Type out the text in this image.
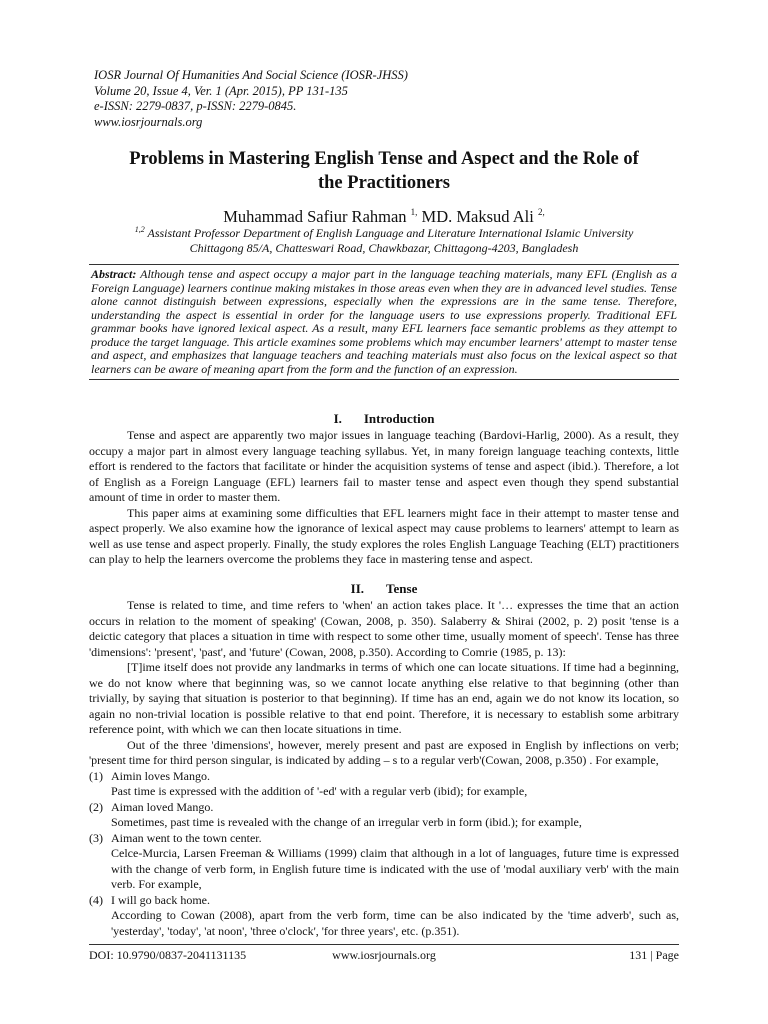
IOSR Journal Of Humanities And Social Science (IOSR-JHSS)
Volume 20, Issue 4, Ver. 1 (Apr. 2015), PP 131-135
e-ISSN: 2279-0837, p-ISSN: 2279-0845.
www.iosrjournals.org
Problems in Mastering English Tense and Aspect and the Role of
the Practitioners
Muhammad Safiur Rahman $^{1,}$ MD. Maksud Ali $^{2,}$
$^{1,2}$ Assistant Professor Department of English Language and Literature International Islamic University
Chittagong 85/A, Chatteswari Road, Chawkbazar, Chittagong-4203, Bangladesh
Abstract: Although tense and aspect occupy a major part in the language teaching materials, many EFL (English as a Foreign Language) learners continue making mistakes in those areas even when they are in advanced level studies. Tense alone cannot distinguish between expressions, especially when the expressions are in the same tense. Therefore, understanding the aspect is essential in order for the language users to use expressions properly. Traditional EFL grammar books have ignored lexical aspect. As a result, many EFL learners face semantic problems as they attempt to produce the target language. This article examines some problems which may encumber learners' attempt to master tense and aspect, and emphasizes that language teachers and teaching materials must also focus on the lexical aspect so that learners can be aware of meaning apart from the form and the function of an expression.
I. Introduction

Tense and aspect are apparently two major issues in language teaching (Bardovi-Harlig, 2000). As a result, they occupy a major part in almost every language teaching syllabus. Yet, in many foreign language teaching contexts, little effort is rendered to the factors that facilitate or hinder the acquisition systems of tense and aspect (ibid.). Therefore, a lot of English as a Foreign Language (EFL) learners fail to master tense and aspect even though they spend substantial amount of time in order to master them.

This paper aims at examining some difficulties that EFL learners might face in their attempt to master tense and aspect properly. We also examine how the ignorance of lexical aspect may cause problems to learners' attempt to learn as well as use tense and aspect properly. Finally, the study explores the roles English Language Teaching (ELT) practitioners can play to help the learners overcome the problems they face in mastering tense and aspect.

II. Tense

Tense is related to time, and time refers to 'when' an action takes place. It '… expresses the time that an action occurs in relation to the moment of speaking' (Cowan, 2008, p. 350). Salaberry & Shirai (2002, p. 2) posit 'tense is a deictic category that places a situation in time with respect to some other time, usually moment of speech'. Tense has three 'dimensions': 'present', 'past', and 'future' (Cowan, 2008, p.350). According to Comrie (1985, p. 13):

[T]ime itself does not provide any landmarks in terms of which one can locate situations. If time had a beginning, we do not know where that beginning was, so we cannot locate anything else relative to that beginning (other than trivially, by saying that situation is posterior to that beginning). If time has an end, again we do not know its location, so again no non-trivial location is possible relative to that end point. Therefore, it is necessary to establish some arbitrary reference point, with which we can then locate situations in time.

Out of the three 'dimensions', however, merely present and past are exposed in English by inflections on verb; 'present time for third person singular, is indicated by adding – s to a regular verb'(Cowan, 2008, p.350) . For example,

(1) Aimin loves Mango.
Past time is expressed with the addition of '-ed' with a regular verb (ibid); for example,
(2) Aiman loved Mango.
Sometimes, past time is revealed with the change of an irregular verb in form (ibid.); for example,
(3) Aiman went to the town center.
Celce-Murcia, Larsen Freeman & Williams (1999) claim that although in a lot of languages, future time is expressed with the change of verb form, in English future time is indicated with the use of 'modal auxiliary verb' with the main verb. For example,
(4) I will go back home.
According to Cowan (2008), apart from the verb form, time can be also indicated by the 'time adverb', such as, 'yesterday', 'today', 'at noon', 'three o'clock', 'for three years', etc. (p.351).
DOI: 10.9790/0837-2041131135	www.iosrjournals.org	131 | Page
